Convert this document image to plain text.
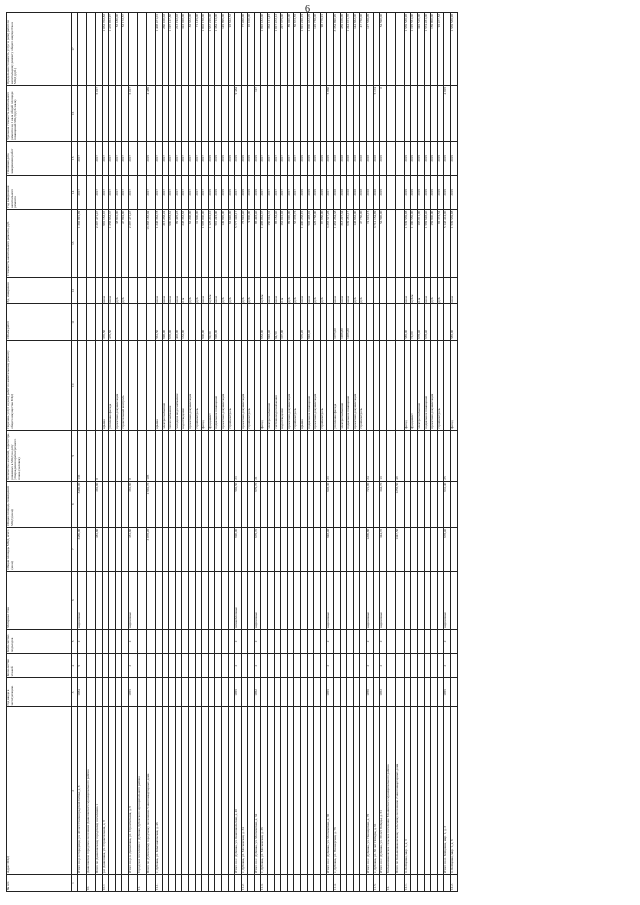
6
№ п/п	Адрес МКД	Год ввода в эксплуатацию	Коли-чество этажей	Коли-чество подъездов	Материал стен	Общая площадь МКД, всего (кв.м)	Общая площадь помещений МКД (кв.м)	Количество жителей, зарегистри-рованных в МКД на дату утверждения краткосрочного плана (человек)	Перечень услуг и (или) работ по капитальному ремонту общего имущества МКД	Объем работ	Ед. измерения	Стоимость капитального ремонта, руб.	Год завершения капитального ремонта	Плановая дата завершения работ	Удельная стоимость капитального ремонта на 1 кв.м общей площади помещений МКД (руб./кв.м)	Предельная стоимость услуг и (или) работ по капитальному ремонту общего имущества в МКД (руб.)
1	2	3	4	5	6	7	8	9	10	11	12	13	14	15	16	17
	Итого по р.п Городищи, ул. 40 лет Сталинградской битвы, д. 8	1984	9	2	кирпичные	3486,00	3486,00	136				1 382 891,89	2017	2017		
10.	Даниловское городское поселение Даниловского муниципального района															
	Всего по Даниловскому городскому поселению 1					381,80	381,80	8				2 207 471,47	2017	2017	6 017	
10.1	р.п Даниловка, ул. Строительная, д. 9								крыша	370,50	кв.м	981 153,10	2017	2017		1 032 702,82
									утепление фасада	476,50	кв.м	1 256 932,37	2017	2017		1 470 963,97
									проектная документация		руб.	38 901,00	2017	2017		53 180,00
									строительный контроль		руб.	47 894,80	2017	2017		53 172,57
	Итого по р.п. Даниловка, ул. Строительная, д. 9	1965	2	2	кирпичные	381,80	381,80	8				2 297 471,47	2017	2017	6 017	
11.	Городское поселение г. Дубовка Дубовского муниципального района															
	Всего по Дубовскому городскому поселению 5 многоквартирных дома					3 878,20	2 981,70	105				13 383 183,04	2017	2019	4 489	
11.1.	г. Дубовка, ул. Комсомольская, д. 46								крыша	561,50	кв.м	1 246 362,78	2017	2017		1 408 471,01
									электроснабжение	698,00	кв.м	215 238,24	2017	2017		260 100,02
									теплоснабжение	670,00	кв.м	990 855,61	2017	2017		1 197 127,80
									холодное водоснабжение	403,00	кв.м	99 495,23	2017	2017		213 192,02
									водоотведение	132,00	п.м	245 363,63	2017	2017		323 028,00
									проектная документация		руб.	62 200,00	2017	2017		82 332,00
									стройконтроль		руб.	31 600,00	2017	2017		71 125,00
									фасад	600,00	кв.м	1 695 000,00	2017	2017		1 803 158,00
									фундамент	59,30	куб.м	1 125 201,10	2019	2019		1 537 226,00
									подвальное помещение	698,00	кв.м	581 245,00	2019	2019		1 384 713,00
									проектная документация		руб.	149 896,00	2019	2019		149 896,00
									стройконтроль		руб.	62 820,00	2019	2019		93 622,53
	Итого по г. Дубовка, ул. Комсомольская, д. 46	1965	2	2	шлакоблочные	690,00	592,50	23				5 777 328,17	2017	2019	9 484	
11.2.	г. Дубовка, ул. Московская, д. 34								проектная документация		руб.	76 693,40	2019	2019		77 460,00
									стройконтроль		руб.	9 800,00	2019	2019		10 100,00
	Итого по г. Дубовка, ул. Московская, д. 34	1962	2	2	кирпичные	679,70	679,70	21				86 493,40	2019	2019	127	
11.3.	г. Дубовка, ул. Московская, д. 36								фасад	653,00	куб.м	1 496 062,37	2017	2017		1 893 182,00
									электроснабжение	948,40	кв.м	150 024,31	2017	2017		362 121,45
									система водоснабжения	84,50	кв.м	96 152,40	2017	2017		1 817 472,12
									водоотведение	107,00	п.м	162 022,02	2017	2017		227 375,00
									проектная документация		руб.	89 020,00	2017	2017		89 020,00
									стройконтроль		руб.	53 378,76	2017	2017		56 673,55
									крыша	576,20	кв.м	1 400 238,91	2019	2019		1 691 228,19
									подвальное помещение	948,40	кв.м	502 428,01	2019	2019		1 000 432,05
									проектная документация		руб.	126 758,00	2019	2019		126 758,00
									стройконтроль		руб.	97 950,00	2019	2019		98 776,91
	Итого по г. Дубовка, ул. Московская, д. 36	1965	2	2	кирпичные	948,40	645,30	23				3 265 517,26	2017	2019	5 860	
11.4.	г. Дубовка, ул. Пионерская, д. 76								утепление фасада	1075,60	кв.м	1 462 264,38	2018	2018		3 354 890,96
									электроснабжение	1206,80	кв.м	318 227,34	2018	2018		459 106,06
									подвальное помещение	1206,80	кв.м	639 281,17	2018	2018		1 244 101,70
									проектная документация		руб.	146 662,00	2018	2018		144 662,00
									стройконтроль		руб.	47 750,00	2018	2018		47 750,00
	Итого по г. Дубовка, ул. Пионерская, д. 76	1959	2	2	кирпичные	1206,80	721,90	24				74 616,15	2018	2018		127 558,09
11.5.	г. Дубовка, ул. 30 лет Победы, д. 61											3 712 154,89	2018	2018	5 174	
	Итого по г. Дубовка, ул. 30 лет Победы, д. 61	1963	2	2	кирпичные	344,70	344,70	13				54 590,00	2019	2019	0	54 590,00
12.	Большеивановское сельское поселение Ельнинского муниципального района															
	Всего по Большеивановскому сельскому поселению 2 многоквартирных дома					1347,50	1255,50	49								
12.1.	п. Бойцовка, мкр. 1, д. 3								фасад	585,00	кв.м	1 539 539,98	2019	2019		1 539 539,98
									фундамент	72,00	куб.м	1 190 556,00	2019	2019		1 195 551,00
									электроснабжение	678,40	п.м	183 811,00	2019	2019		346 516,00
									подвальное помещение	678,40	кв.м	1 569 628,40	2019	2019		1 574 451,00
									проектная документация		руб.	159 900,00	2019	2019		159 900,00
									стройконтроль		руб.	92 372,52	2019	2019		92 477,53
	Итого по п. Бойцовка, мкр. 1, д. 3	1965	2	2	кирпичные	678,40	631,40	25				5 143 414,00	2019	2019	4 819	
12.2.	п. Бойцовка, мкр. 1, д. 6								фасад	585,00	кв.м	1 539 539,98	2019	2019		1 539 539,98
